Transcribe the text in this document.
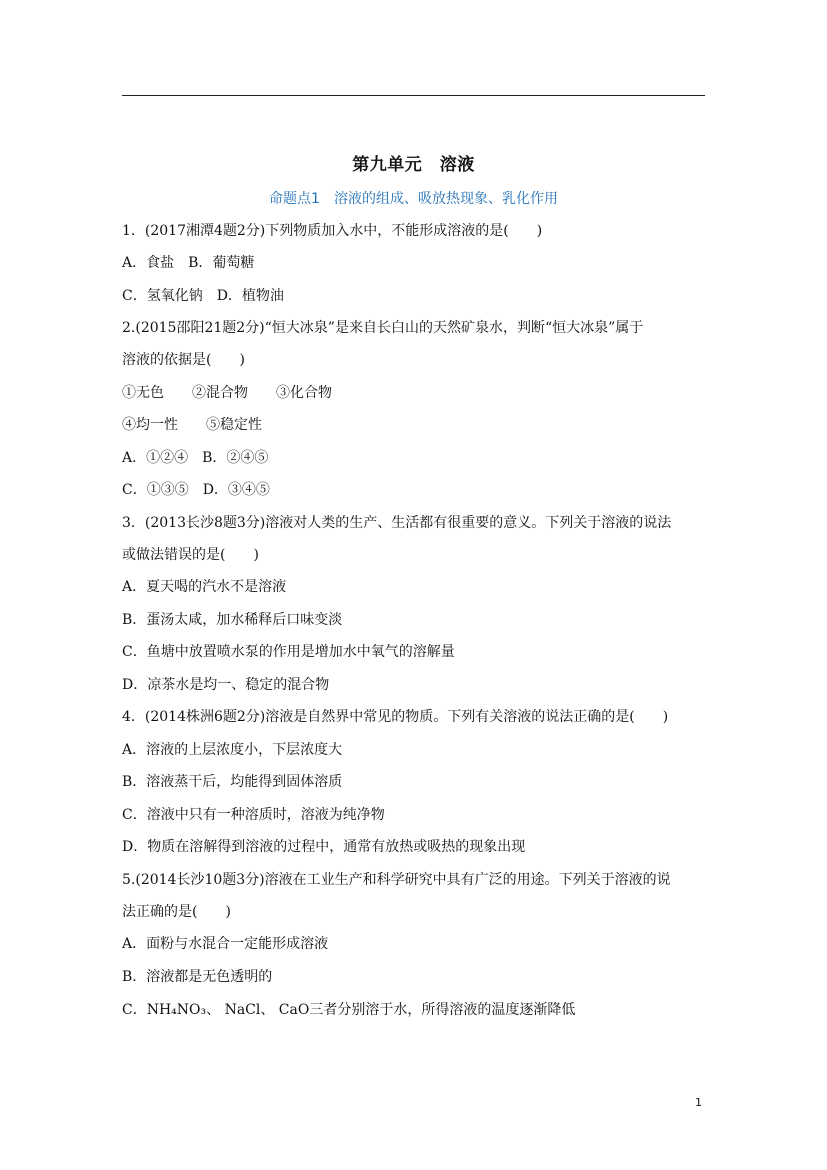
第九单元　溶液
命题点1　溶液的组成、吸放热现象、乳化作用
1．(2017湘潭4题2分)下列物质加入水中，不能形成溶液的是(　　)
A．食盐　B．葡萄糖
C．氢氧化钠　D．植物油
2.(2015邵阳21题2分)“恒大冰泉”是来自长白山的天然矿泉水，判断“恒大冰泉”属于
溶液的依据是(　　)
①无色　　②混合物　　③化合物
④均一性　　⑤稳定性
A．①②④　B．②④⑤
C．①③⑤　D．③④⑤
3．(2013长沙8题3分)溶液对人类的生产、生活都有很重要的意义。下列关于溶液的说法
或做法错误的是(　　)
A．夏天喝的汽水不是溶液
B．蛋汤太咸，加水稀释后口味变淡
C．鱼塘中放置喷水泵的作用是增加水中氧气的溶解量
D．凉茶水是均一、稳定的混合物
4．(2014株洲6题2分)溶液是自然界中常见的物质。下列有关溶液的说法正确的是(　　)
A．溶液的上层浓度小，下层浓度大
B．溶液蒸干后，均能得到固体溶质
C．溶液中只有一种溶质时，溶液为纯净物
D．物质在溶解得到溶液的过程中，通常有放热或吸热的现象出现
5.(2014长沙10题3分)溶液在工业生产和科学研究中具有广泛的用途。下列关于溶液的说
法正确的是(　　)
A．面粉与水混合一定能形成溶液
B．溶液都是无色透明的
C．NH₄NO₃、 NaCl、 CaO三者分别溶于水，所得溶液的温度逐渐降低
1
